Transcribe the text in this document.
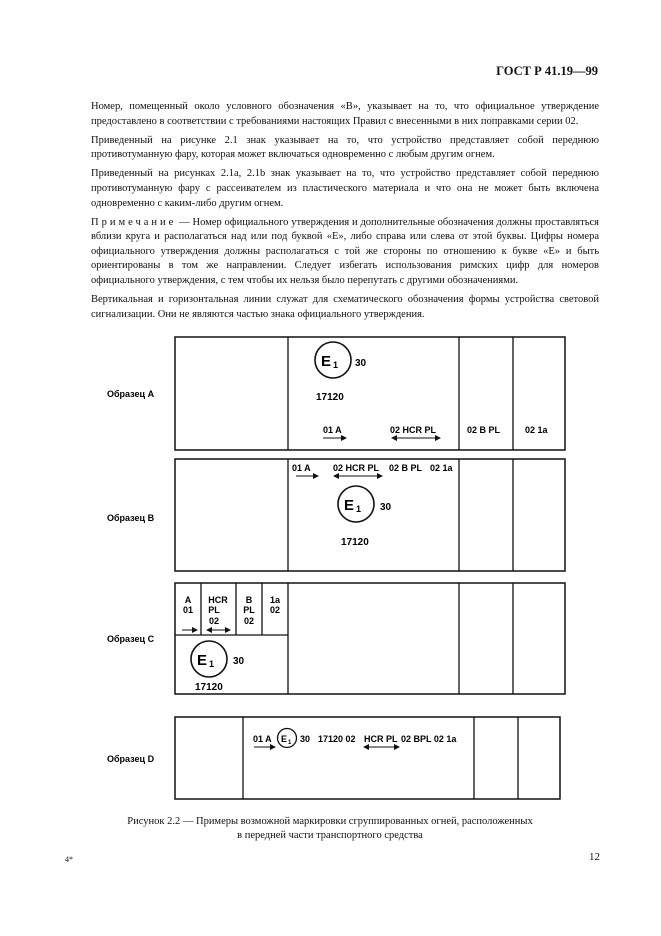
ГОСТ Р 41.19—99

Номер, помещенный около условного обозначения «B», указывает на то, что официальное утверждение предоставлено в соответствии с требованиями настоящих Правил с внесенными в них поправками серии 02.

Приведенный на рисунке 2.1 знак указывает на то, что устройство представляет собой переднюю противотуманную фару, которая может включаться одновременно с любым другим огнем.

Приведенный на рисунках 2.1a, 2.1b знак указывает на то, что устройство представляет собой переднюю противотуманную фару с рассеивателем из пластического материала и что она не может быть включена одновременно с каким-либо другим огнем.

Примечание — Номер официального утверждения и дополнительные обозначения должны проставляться вблизи круга и располагаться над или под буквой «E», либо справа или слева от этой буквы. Цифры номера официального утверждения должны располагаться с той же стороны по отношению к букве «E» и быть ориентированы в том же направлении. Следует избегать использования римских цифр для номеров официального утверждения, с тем чтобы их нельзя было перепутать с другими обозначениями.

Вертикальная и горизонтальная линии служат для схематического обозначения формы устройства световой сигнализации. Они не являются частью знака официального утверждения.

Образец A
Образец B
Образец C
Образец D
E 1 30
17120
01 A	02 HCR PL	02 B PL	02 1a
01 A 02 HCR PL 02 B PL 02 1a
E 1 30
17120
A
01
HCR
PL
02
B
PL
02
1a
02
E 1 30
17120
01 A E 1 30 17120 02 HCR PL 02 BPL 02 1a
Рисунок 2.2 — Примеры возможной маркировки сгруппированных огней, расположенных
в передней части транспортного средства
4*	12
